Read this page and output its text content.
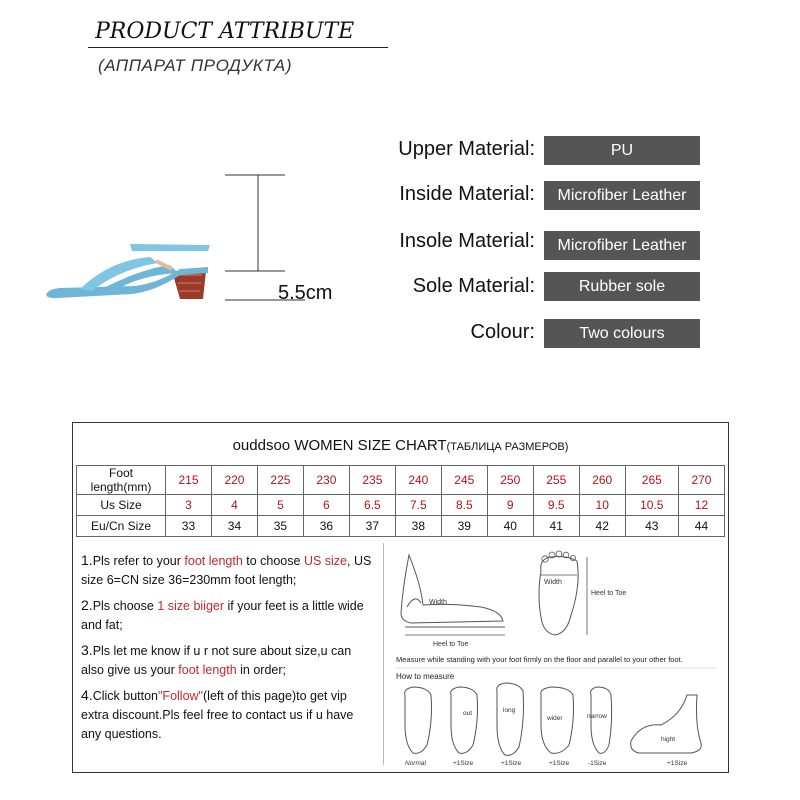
PRODUCT ATTRIBUTE
(АППАРАТ ПРОДУКТА)
5.5cm
Upper Material:	PU
Inside Material:	Microfiber Leather
Insole Material:	Microfiber Leather
Sole Material:	Rubber sole
Colour:	Two colours
ouddsoo WOMEN SIZE CHART(ТАБЛИЦА РАЗМЕРОВ)
Foot length(mm)	215	220	225	230	235	240	245	250	255	260	265	270
Us Size	3	4	5	6	6.5	7.5	8.5	9	9.5	10	10.5	12
Eu/Cn Size	33	34	35	36	37	38	39	40	41	42	43	44

1.Pls refer to your foot length to choose US size, US size 6=CN size 36=230mm foot length;

2.Pls choose 1 size biiger if your feet is a little wide and fat;

3.Pls let me know if u r not sure about size,u can also give us your foot length in order;

4.Click button"Follow"(left of this page)to get vip extra discount.Pls feel free to contact us if u have any questions.

Width
Heel to Toe
Width
Heel to Toe
Measure while standing with your foot firmly on the floor and parallel to your other foot.
How to measure
Normal
out
+1Size
long
+1Size
wider
+1Size
narrow
-1Size
hight
+1Size
